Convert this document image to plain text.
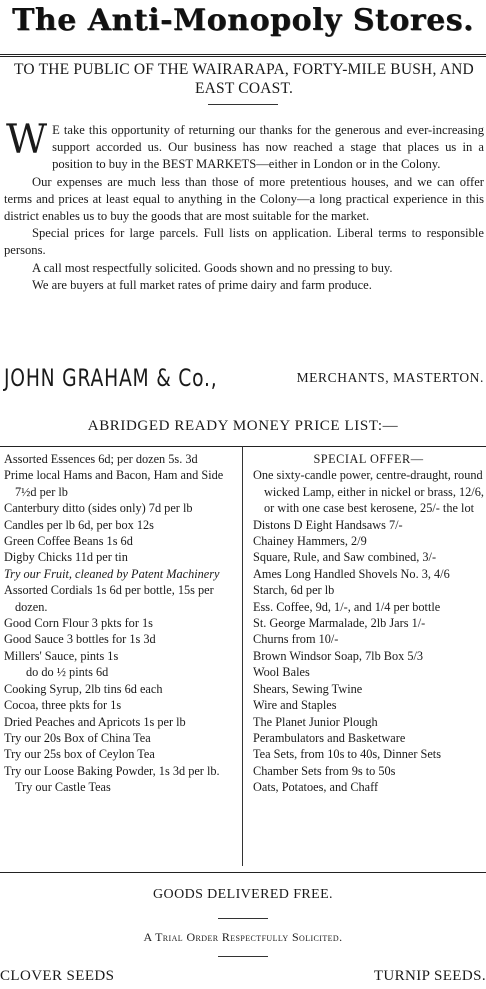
The Anti-Monopoly Stores.
TO THE PUBLIC OF THE WAIRARAPA, FORTY-MILE BUSH, AND EAST COAST.
W E take this opportunity of returning our thanks for the generous and ever-increasing support accorded us. Our business has now reached a stage that places us in a position to buy in the BEST MARKETS—either in London or in the Colony.

Our expenses are much less than those of more pretentious houses, and we can offer terms and prices at least equal to anything in the Colony—a long practical experience in this district enables us to buy the goods that are most suitable for the market.

Special prices for large parcels. Full lists on application. Liberal terms to responsible persons.

A call most respectfully solicited. Goods shown and no pressing to buy.

We are buyers at full market rates of prime dairy and farm produce.

JOHN GRAHAM & Co.,	MERCHANTS, MASTERTON.
ABRIDGED READY MONEY PRICE LIST:—

Assorted Essences 6d; per dozen 5s. 3d

Prime local Hams and Bacon, Ham and Side 7½d per lb

Canterbury ditto (sides only) 7d per lb

Candles per lb 6d, per box 12s

Green Coffee Beans 1s 6d

Digby Chicks 11d per tin

Try our Fruit, cleaned by Patent Machinery

Assorted Cordials 1s 6d per bottle, 15s per dozen.

Good Corn Flour 3 pkts for 1s

Good Sauce 3 bottles for 1s 3d

Millers' Sauce, pints 1s

do do ½ pints 6d

Cooking Syrup, 2lb tins 6d each

Cocoa, three pkts for 1s

Dried Peaches and Apricots 1s per lb

Try our 20s Box of China Tea

Try our 25s box of Ceylon Tea

Try our Loose Baking Powder, 1s 3d per lb. Try our Castle Teas

SPECIAL OFFER—

One sixty-candle power, centre-draught, round wicked Lamp, either in nickel or brass, 12/6, or with one case best kerosene, 25/- the lot

Distons D Eight Handsaws 7/-

Chainey Hammers, 2/9

Square, Rule, and Saw combined, 3/-

Ames Long Handled Shovels No. 3, 4/6

Starch, 6d per lb

Ess. Coffee, 9d, 1/-, and 1/4 per bottle

St. George Marmalade, 2lb Jars 1/-

Churns from 10/-

Brown Windsor Soap, 7lb Box 5/3

Wool Bales

Shears, Sewing Twine

Wire and Staples

The Planet Junior Plough

Perambulators and Basketware

Tea Sets, from 10s to 40s, Dinner Sets

Chamber Sets from 9s to 50s

Oats, Potatoes, and Chaff

GOODS DELIVERED FREE.
A Trial Order Respectfully Solicited.
CLOVER SEEDS	TURNIP SEEDS.
